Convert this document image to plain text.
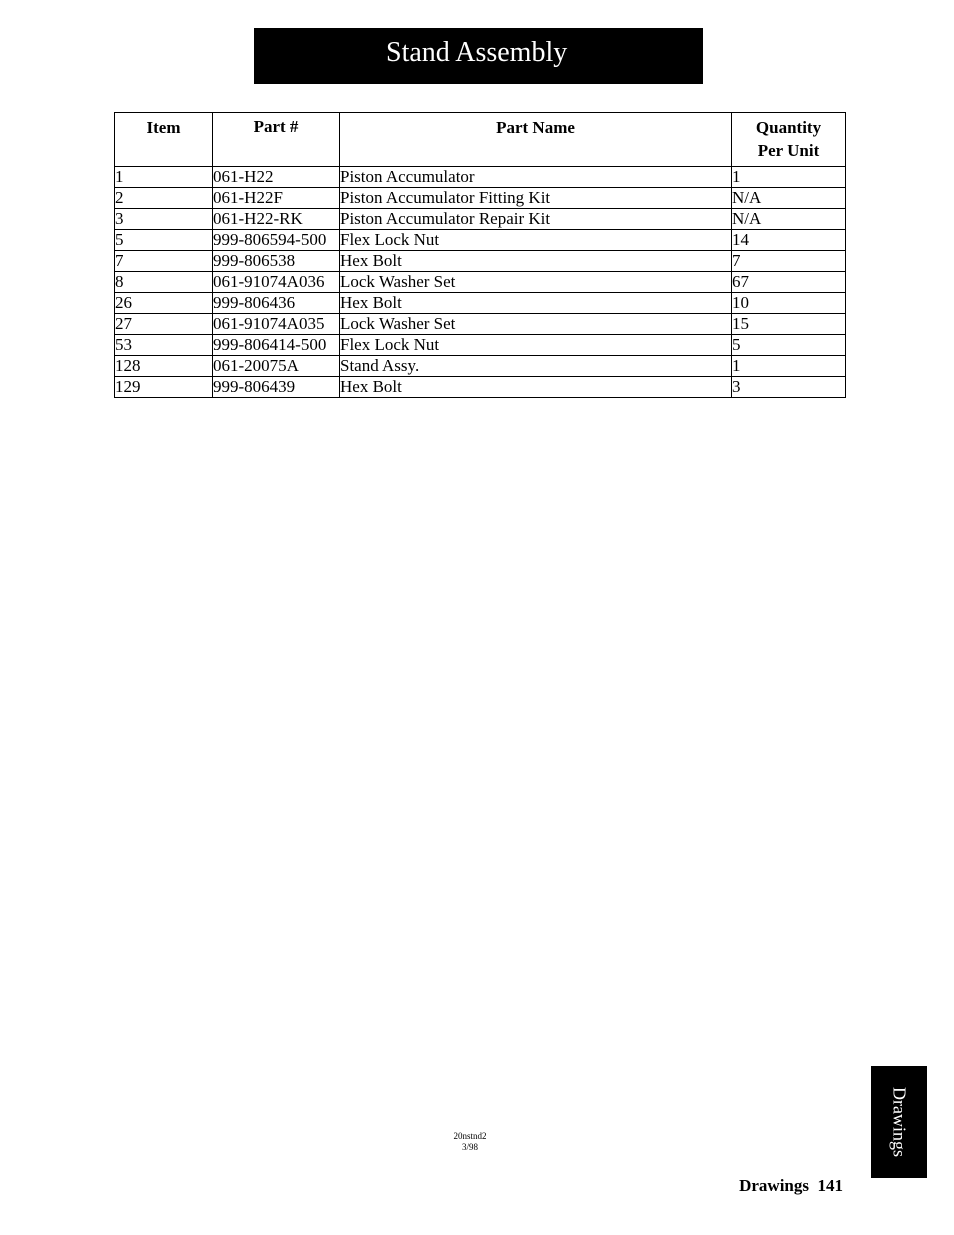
Stand Assembly
Item	Part #	Part Name	Quantity
Per Unit
1	061-H22	Piston Accumulator	1
2	061-H22F	Piston Accumulator Fitting Kit	N/A
3	061-H22-RK	Piston Accumulator Repair Kit	N/A
5	999-806594-500	Flex Lock Nut	14
7	999-806538	Hex Bolt	7
8	061-91074A036	Lock Washer Set	67
26	999-806436	Hex Bolt	10
27	061-91074A035	Lock Washer Set	15
53	999-806414-500	Flex Lock Nut	5
128	061-20075A	Stand Assy.	1
129	999-806439	Hex Bolt	3
20nstnd2
3/98	Drawings
Drawings 141
